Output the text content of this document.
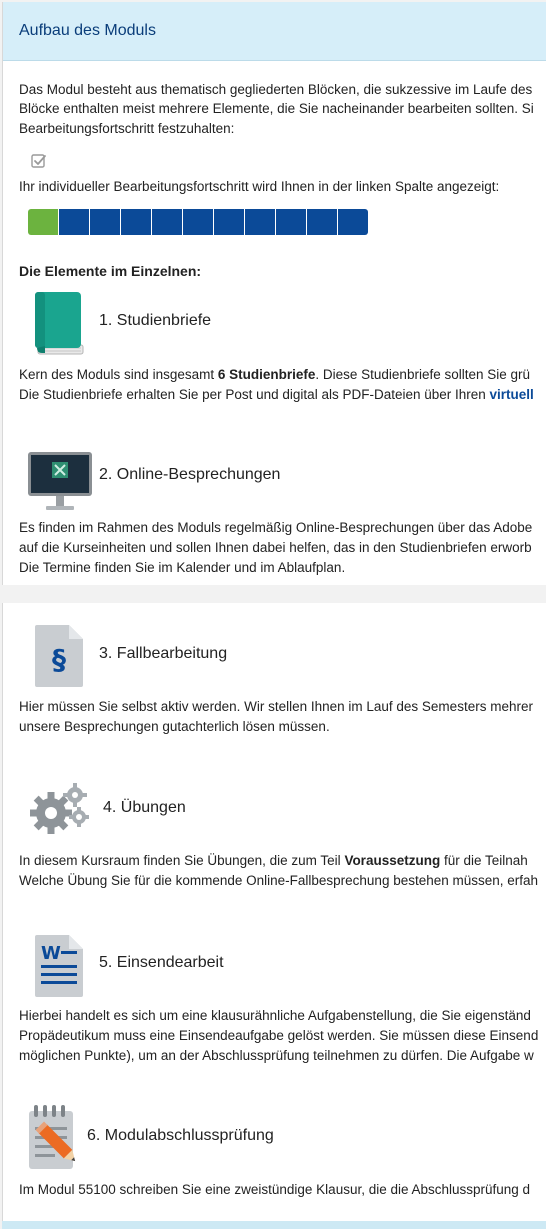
Aufbau des Moduls
Das Modul besteht aus thematisch gegliederten Blöcken, die sukzessive im Laufe des
Blöcke enthalten meist mehrere Elemente, die Sie nacheinander bearbeiten sollten. Si
Bearbeitungsfortschritt festzuhalten:
Ihr individueller Bearbeitungsfortschritt wird Ihnen in der linken Spalte angezeigt:
Die Elemente im Einzelnen:
1. Studienbriefe
Kern des Moduls sind insgesamt 6 Studienbriefe. Diese Studienbriefe sollten Sie grü
Die Studienbriefe erhalten Sie per Post und digital als PDF-Dateien über Ihren virtuell
2. Online-Besprechungen
Es finden im Rahmen des Moduls regelmäßig Online-Besprechungen über das Adobe
auf die Kurseinheiten und sollen Ihnen dabei helfen, das in den Studienbriefen erworb
Die Termine finden Sie im Kalender und im Ablaufplan.
§ 3. Fallbearbeitung
Hier müssen Sie selbst aktiv werden. Wir stellen Ihnen im Lauf des Semesters mehrer
unsere Besprechungen gutachterlich lösen müssen.
4. Übungen
In diesem Kursraum finden Sie Übungen, die zum Teil Voraussetzung für die Teilnah
Welche Übung Sie für die kommende Online-Fallbesprechung bestehen müssen, erfah
W 5. Einsendearbeit
Hierbei handelt es sich um eine klausurähnliche Aufgabenstellung, die Sie eigenständ
Propädeutikum muss eine Einsendeaufgabe gelöst werden. Sie müssen diese Einsend
möglichen Punkte), um an der Abschlussprüfung teilnehmen zu dürfen. Die Aufgabe w
6. Modulabschlussprüfung
Im Modul 55100 schreiben Sie eine zweistündige Klausur, die die Abschlussprüfung d
